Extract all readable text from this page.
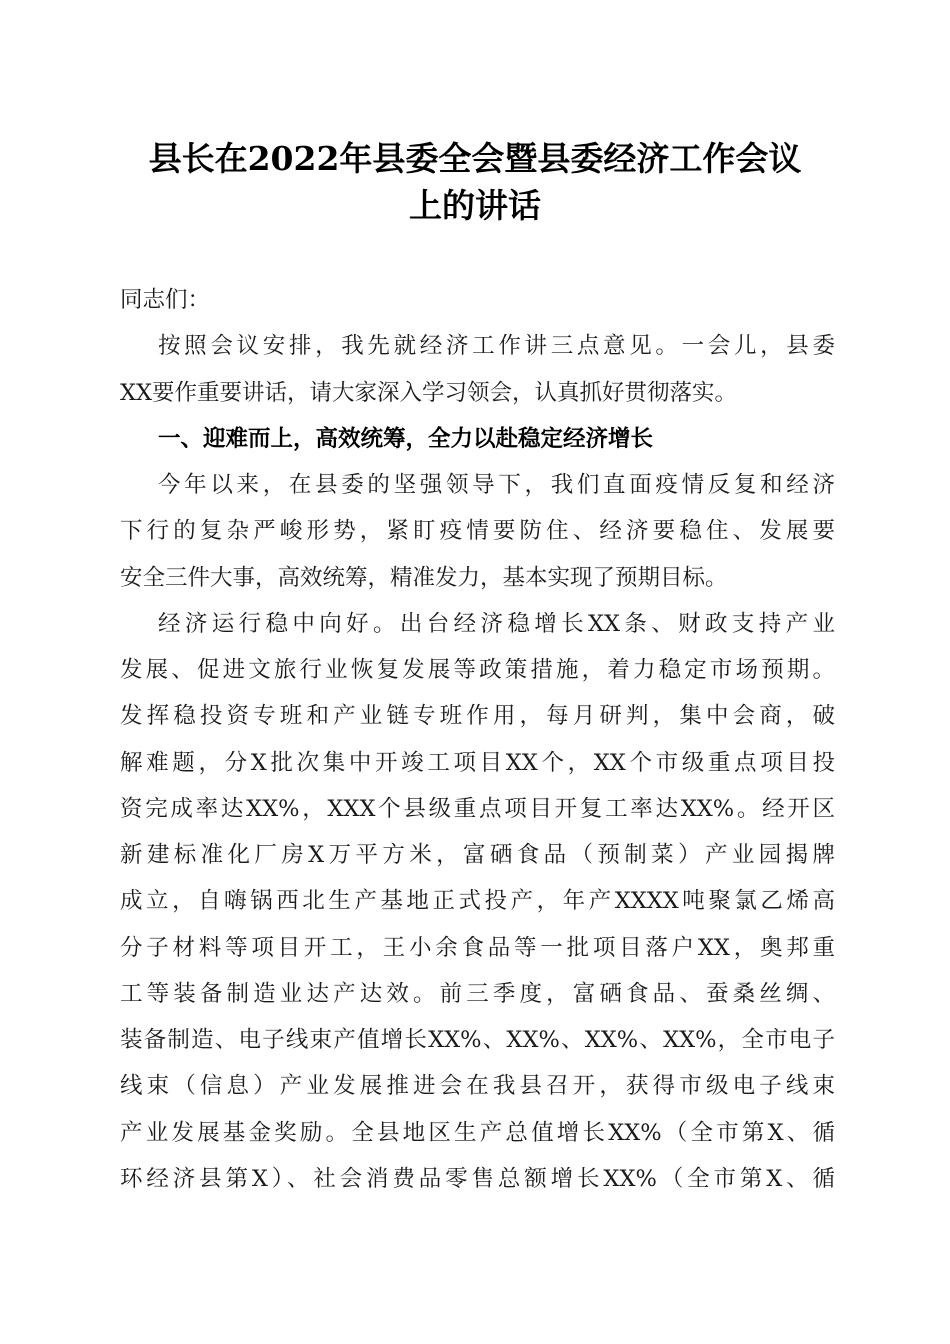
县长在2022年县委全会暨县委经济工作会议
上的讲话
同志们：
按照会议安排，我先就经济工作讲三点意见。一会儿，县委
XX要作重要讲话，请大家深入学习领会，认真抓好贯彻落实。
一、迎难而上，高效统筹，全力以赴稳定经济增长
今年以来，在县委的坚强领导下，我们直面疫情反复和经济
下行的复杂严峻形势，紧盯疫情要防住、经济要稳住、发展要
安全三件大事，高效统筹，精准发力，基本实现了预期目标。
经济运行稳中向好。出台经济稳增长XX条、财政支持产业
发展、促进文旅行业恢复发展等政策措施，着力稳定市场预期。
发挥稳投资专班和产业链专班作用，每月研判，集中会商，破
解难题，分X批次集中开竣工项目XX个，XX个市级重点项目投
资完成率达XX%，XXX个县级重点项目开复工率达XX%。经开区
新建标准化厂房X万平方米，富硒食品（预制菜）产业园揭牌
成立，自嗨锅西北生产基地正式投产，年产XXXX吨聚氯乙烯高
分子材料等项目开工，王小余食品等一批项目落户XX，奥邦重
工等装备制造业达产达效。前三季度，富硒食品、蚕桑丝绸、
装备制造、电子线束产值增长XX%、XX%、XX%、XX%，全市电子
线束（信息）产业发展推进会在我县召开，获得市级电子线束
产业发展基金奖励。全县地区生产总值增长XX%（全市第X、循
环经济县第X）、社会消费品零售总额增长XX%（全市第X、循
